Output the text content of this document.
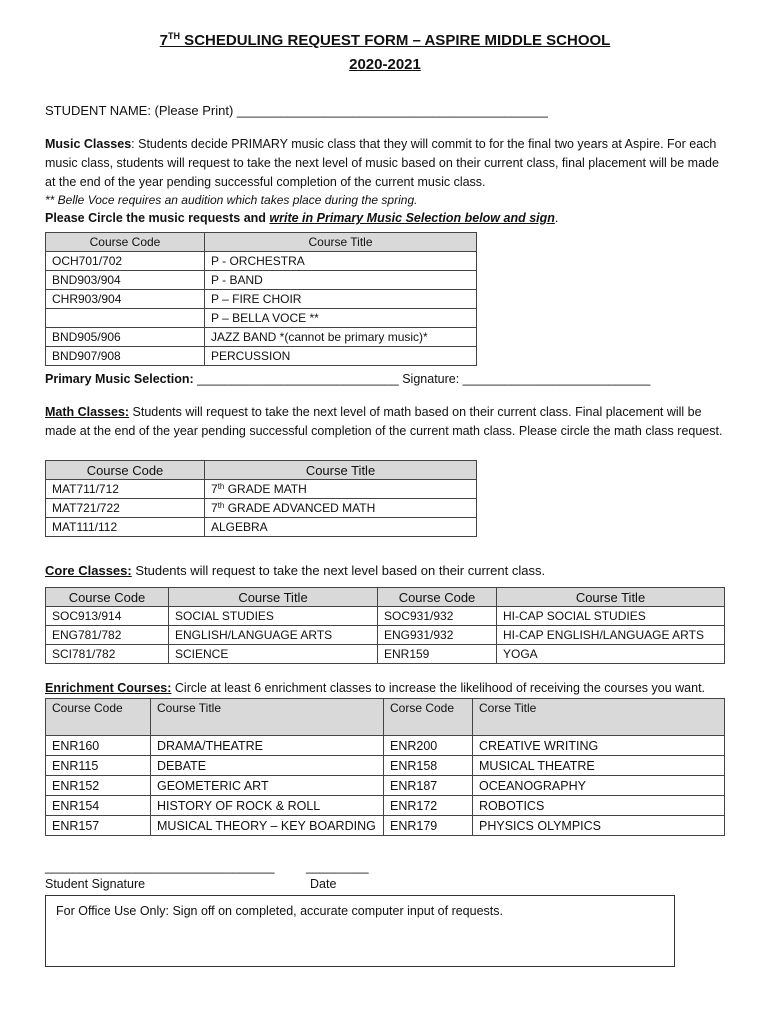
7TH SCHEDULING REQUEST FORM – ASPIRE MIDDLE SCHOOL
2020-2021
STUDENT NAME: (Please Print) ___________________________________________
Music Classes: Students decide PRIMARY music class that they will commit to for the final two years at Aspire. For each music class, students will request to take the next level of music based on their current class, final placement will be made at the end of the year pending successful completion of the current music class.
** Belle Voce requires an audition which takes place during the spring.
Please Circle the music requests and write in Primary Music Selection below and sign.
Course Code	Course Title
OCH701/702	P - ORCHESTRA
BND903/904	P - BAND
CHR903/904	P – FIRE CHOIR
	P – BELLA VOCE **
BND905/906	JAZZ BAND *(cannot be primary music)*
BND907/908	PERCUSSION
Primary Music Selection: _____________________________ Signature: ___________________________
Math Classes: Students will request to take the next level of math based on their current class. Final placement will be made at the end of the year pending successful completion of the current math class. Please circle the math class request.
Course Code	Course Title
MAT711/712	7th GRADE MATH
MAT721/722	7th GRADE ADVANCED MATH
MAT111/112	ALGEBRA
Core Classes: Students will request to take the next level based on their current class.
Course Code	Course Title	Course Code	Course Title
SOC913/914	SOCIAL STUDIES	SOC931/932	HI-CAP SOCIAL STUDIES
ENG781/782	ENGLISH/LANGUAGE ARTS	ENG931/932	HI-CAP ENGLISH/LANGUAGE ARTS
SCI781/782	SCIENCE	ENR159	YOGA
Enrichment Courses: Circle at least 6 enrichment classes to increase the likelihood of receiving the courses you want.
Course Code	Course Title	Corse Code	Corse Title
ENR160	DRAMA/THEATRE	ENR200	CREATIVE WRITING
ENR115	DEBATE	ENR158	MUSICAL THEATRE
ENR152	GEOMETERIC ART	ENR187	OCEANOGRAPHY
ENR154	HISTORY OF ROCK & ROLL	ENR172	ROBOTICS
ENR157	MUSICAL THEORY – KEY BOARDING	ENR179	PHYSICS OLYMPICS
_________________________________	_________
Student Signature	Date
For Office Use Only: Sign off on completed, accurate computer input of requests.
